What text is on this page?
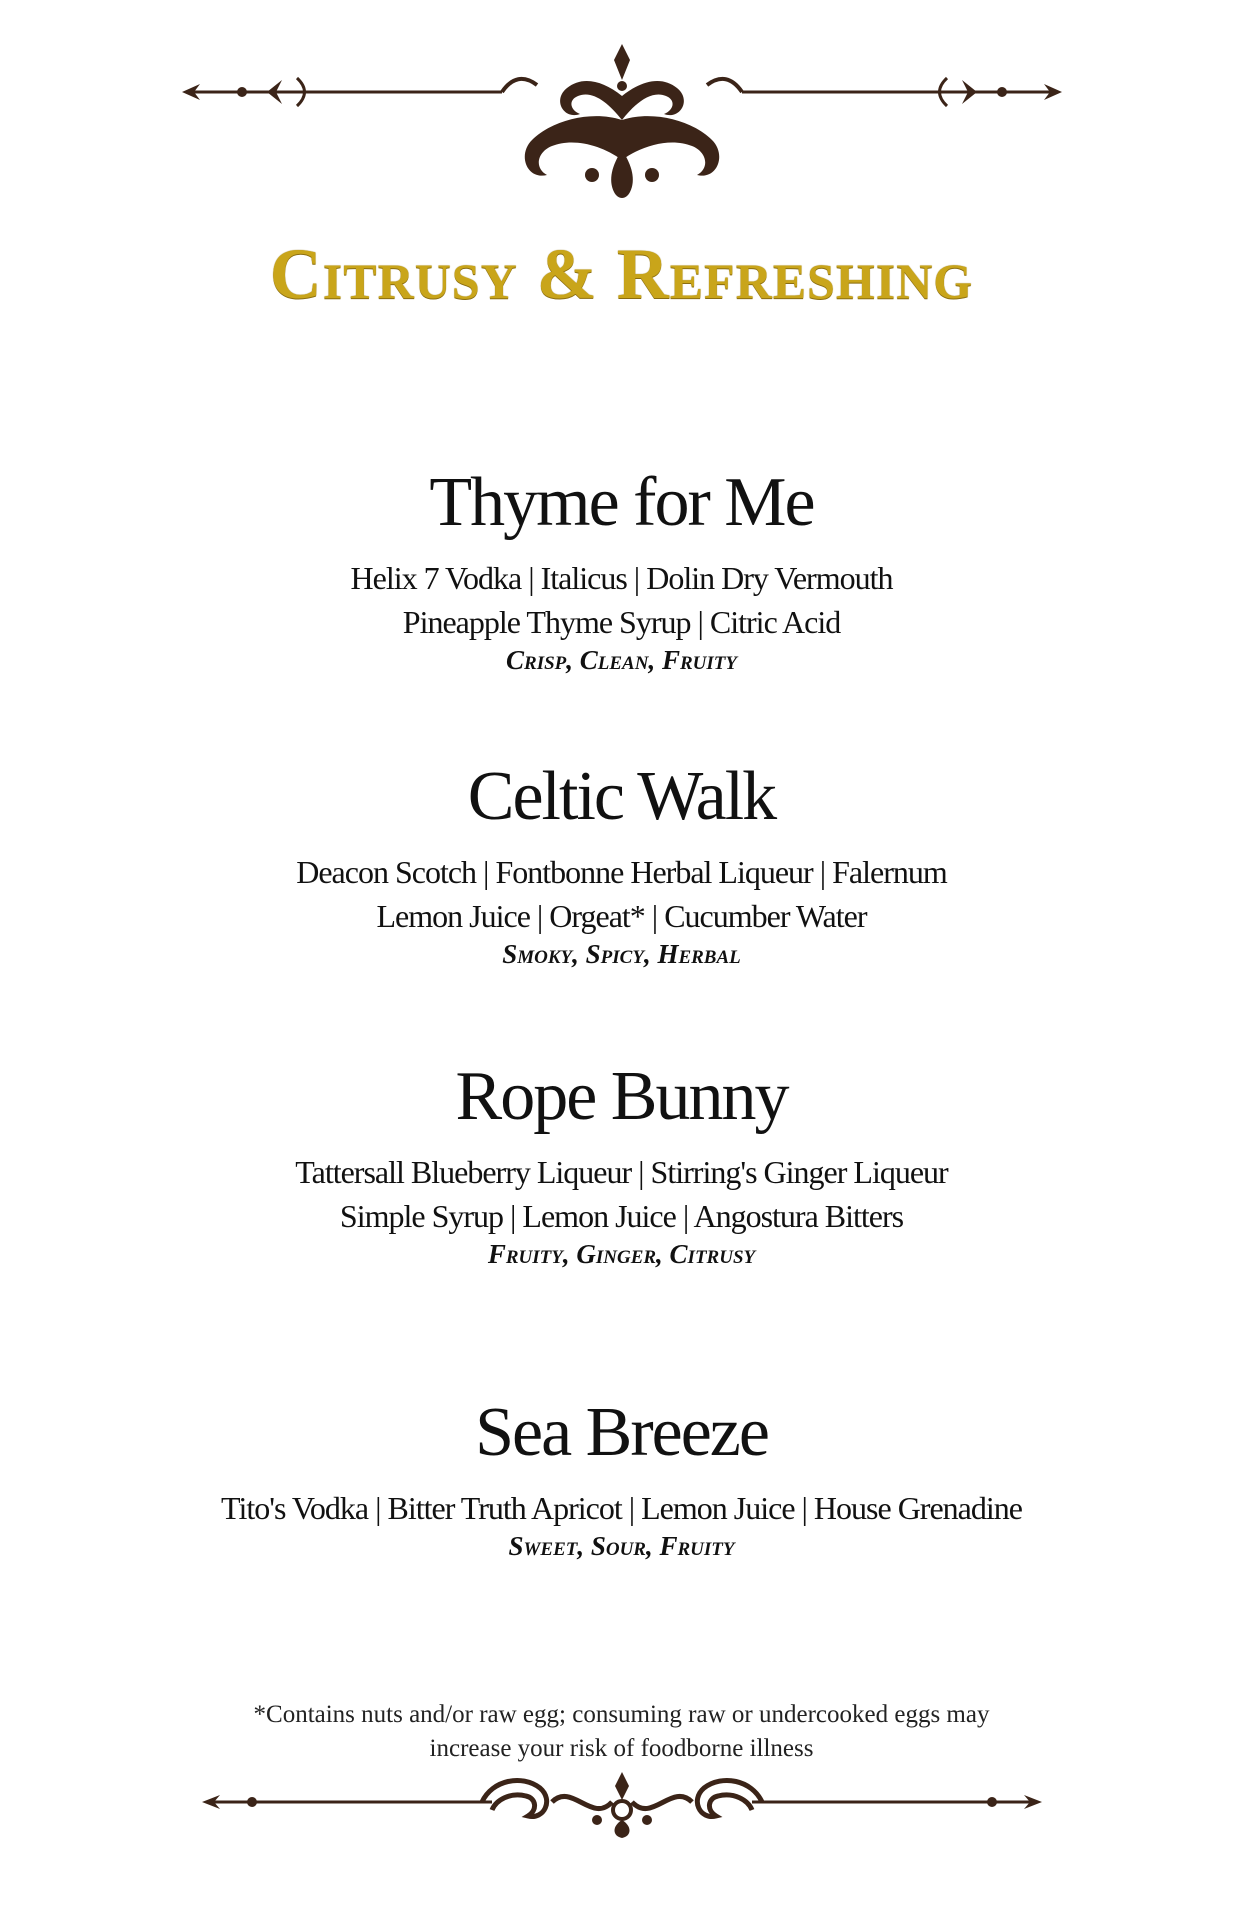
Citrusy & Refreshing
Thyme for Me

Helix 7 Vodka | Italicus | Dolin Dry Vermouth

Pineapple Thyme Syrup | Citric Acid

Crisp, Clean, Fruity

Celtic Walk

Deacon Scotch | Fontbonne Herbal Liqueur | Falernum

Lemon Juice | Orgeat* | Cucumber Water

Smoky, Spicy, Herbal

Rope Bunny

Tattersall Blueberry Liqueur | Stirring's Ginger Liqueur

Simple Syrup | Lemon Juice | Angostura Bitters

Fruity, Ginger, Citrusy

Sea Breeze

Tito's Vodka | Bitter Truth Apricot | Lemon Juice | House Grenadine

Sweet, Sour, Fruity

*Contains nuts and/or raw egg; consuming raw or undercooked eggs may
increase your risk of foodborne illness
